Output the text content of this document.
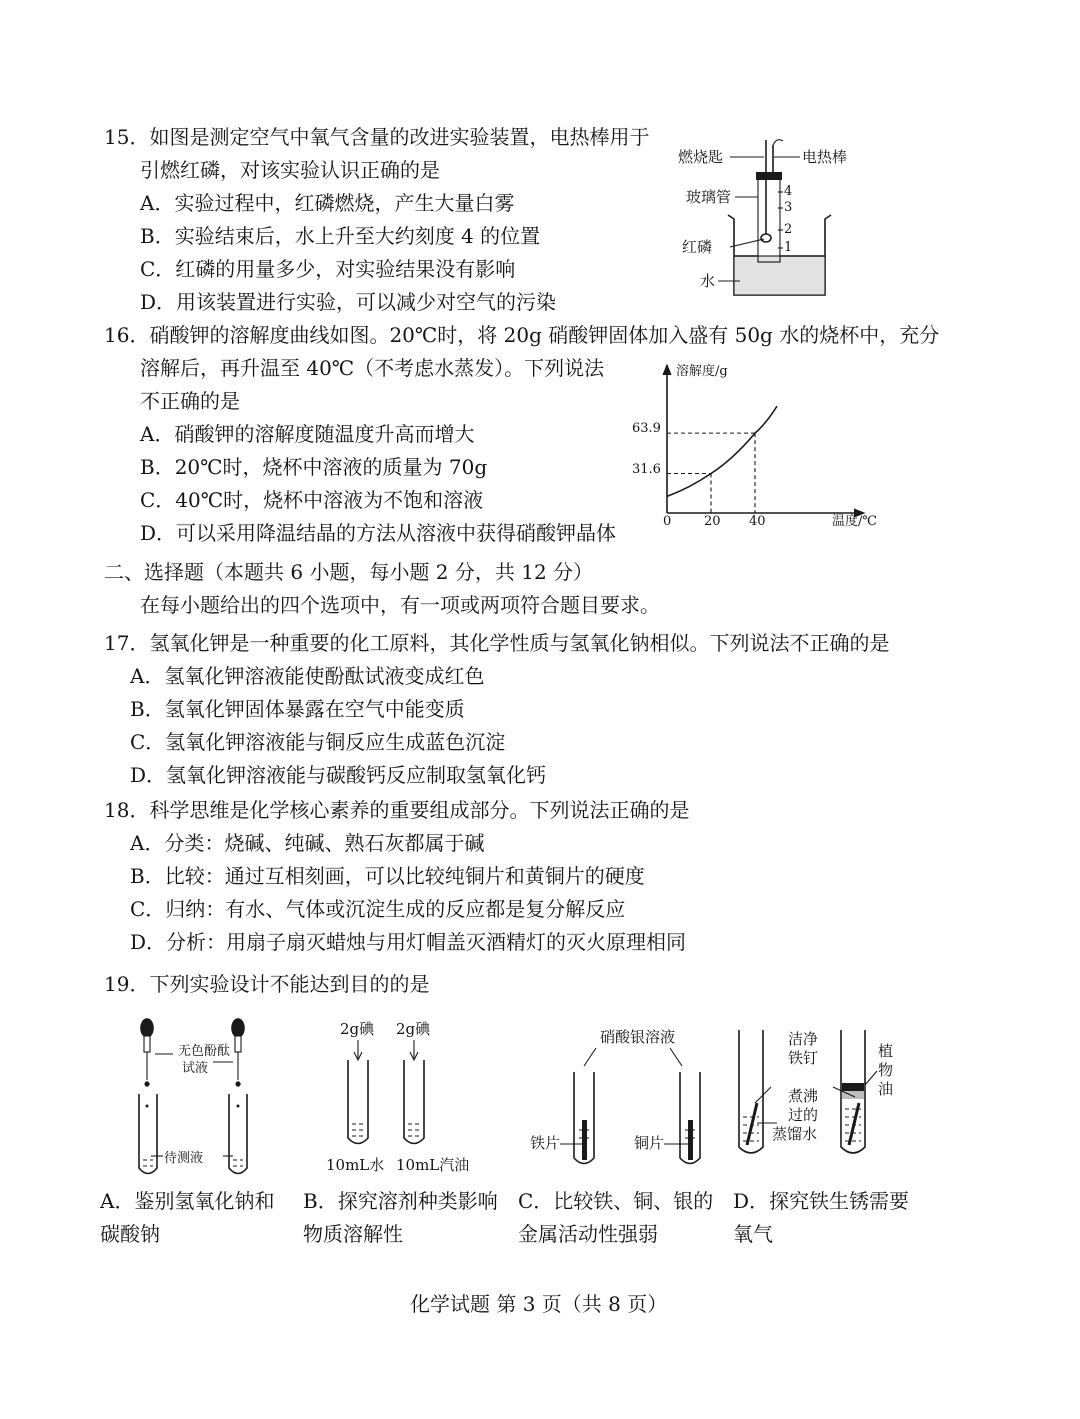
15．如图是测定空气中氧气含量的改进实验装置，电热棒用于
引燃红磷，对该实验认识正确的是
A．实验过程中，红磷燃烧，产生大量白雾
B．实验结束后，水上升至大约刻度 4 的位置
C．红磷的用量多少，对实验结果没有影响
D．用该装置进行实验，可以减少对空气的污染
燃烧匙	电热棒
玻璃管
红磷
水
4
3
2
1
16．硝酸钾的溶解度曲线如图。20℃时，将 20g 硝酸钾固体加入盛有 50g 水的烧杯中，充分
溶解后，再升温至 40℃（不考虑水蒸发）。下列说法
不正确的是
A．硝酸钾的溶解度随温度升高而增大
B．20℃时，烧杯中溶液的质量为 70g
C．40℃时，烧杯中溶液为不饱和溶液
D．可以采用降温结晶的方法从溶液中获得硝酸钾晶体
溶解度/g
温度/℃
0	20 40
31.6
63.9
二、选择题（本题共 6 小题，每小题 2 分，共 12 分）
在每小题给出的四个选项中，有一项或两项符合题目要求。
17．氢氧化钾是一种重要的化工原料，其化学性质与氢氧化钠相似。下列说法不正确的是
A．氢氧化钾溶液能使酚酞试液变成红色
B．氢氧化钾固体暴露在空气中能变质
C．氢氧化钾溶液能与铜反应生成蓝色沉淀
D．氢氧化钾溶液能与碳酸钙反应制取氢氧化钙
18．科学思维是化学核心素养的重要组成部分。下列说法正确的是
A．分类：烧碱、纯碱、熟石灰都属于碱
B．比较：通过互相刻画，可以比较纯铜片和黄铜片的硬度
C．归纳：有水、气体或沉淀生成的反应都是复分解反应
D．分析：用扇子扇灭蜡烛与用灯帽盖灭酒精灯的灭火原理相同
19．下列实验设计不能达到目的的是
无色酚酞
试液
待测液
2g碘 2g碘
10mL水 10mL汽油
硝酸银溶液
铁片	铜片
洁净
铁钉
煮沸
过的
蒸馏水
植
物
油
A．鉴别氢氧化钠和
碳酸钠
B．探究溶剂种类影响
物质溶解性
C．比较铁、铜、银的
金属活动性强弱
D．探究铁生锈需要
氧气
化学试题 第 3 页（共 8 页）
